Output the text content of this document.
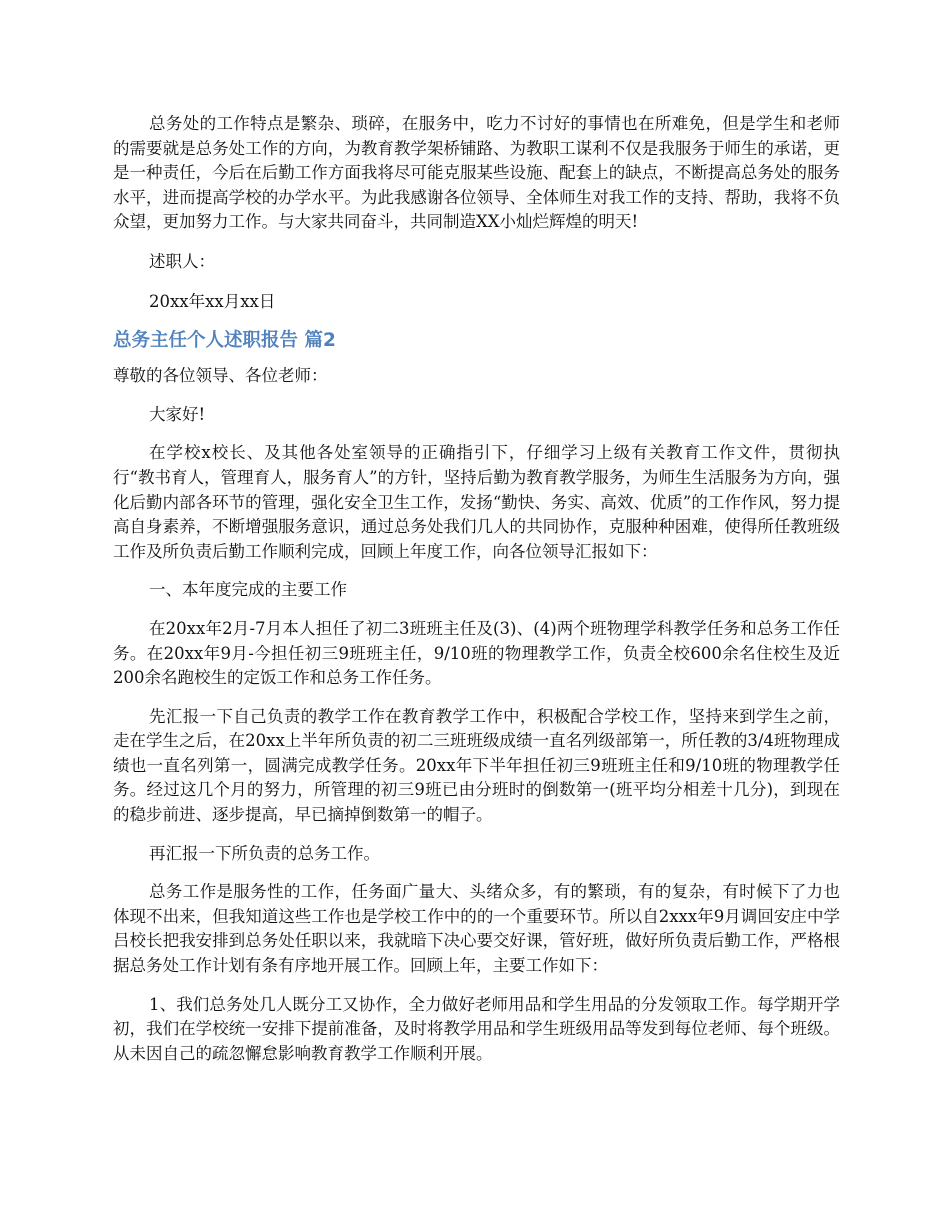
总务处的工作特点是繁杂、琐碎，在服务中，吃力不讨好的事情也在所难免，但是学生和老师的需要就是总务处工作的方向，为教育教学架桥铺路、为教职工谋利不仅是我服务于师生的承诺，更是一种责任，今后在后勤工作方面我将尽可能克服某些设施、配套上的缺点，不断提高总务处的服务水平，进而提高学校的办学水平。为此我感谢各位领导、全体师生对我工作的支持、帮助，我将不负众望，更加努力工作。与大家共同奋斗，共同制造XX小灿烂辉煌的明天!

述职人：

20xx年xx月xx日

总务主任个人述职报告 篇2

尊敬的各位领导、各位老师：

大家好!

在学校x校长、及其他各处室领导的正确指引下，仔细学习上级有关教育工作文件，贯彻执行“教书育人，管理育人，服务育人”的方针，坚持后勤为教育教学服务，为师生生活服务为方向，强化后勤内部各环节的管理，强化安全卫生工作，发扬“勤快、务实、高效、优质”的工作作风，努力提高自身素养，不断增强服务意识，通过总务处我们几人的共同协作，克服种种困难，使得所任教班级工作及所负责后勤工作顺利完成，回顾上年度工作，向各位领导汇报如下：

一、本年度完成的主要工作

在20xx年2月-7月本人担任了初二3班班主任及(3)、(4)两个班物理学科教学任务和总务工作任务。在20xx年9月-今担任初三9班班主任，9/10班的物理教学工作，负责全校600余名住校生及近200余名跑校生的定饭工作和总务工作任务。

先汇报一下自己负责的教学工作在教育教学工作中，积极配合学校工作，坚持来到学生之前，走在学生之后，在20xx上半年所负责的初二三班班级成绩一直名列级部第一，所任教的3/4班物理成绩也一直名列第一，圆满完成教学任务。20xx年下半年担任初三9班班主任和9/10班的物理教学任务。经过这几个月的努力，所管理的初三9班已由分班时的倒数第一(班平均分相差十几分)，到现在的稳步前进、逐步提高，早已摘掉倒数第一的帽子。

再汇报一下所负责的总务工作。

总务工作是服务性的工作，任务面广量大、头绪众多，有的繁琐，有的复杂，有时候下了力也体现不出来，但我知道这些工作也是学校工作中的的一个重要环节。所以自2xxx年9月调回安庄中学吕校长把我安排到总务处任职以来，我就暗下决心要交好课，管好班，做好所负责后勤工作，严格根据总务处工作计划有条有序地开展工作。回顾上年，主要工作如下：

1、我们总务处几人既分工又协作，全力做好老师用品和学生用品的分发领取工作。每学期开学初，我们在学校统一安排下提前准备，及时将教学用品和学生班级用品等发到每位老师、每个班级。从未因自己的疏忽懈怠影响教育教学工作顺利开展。
